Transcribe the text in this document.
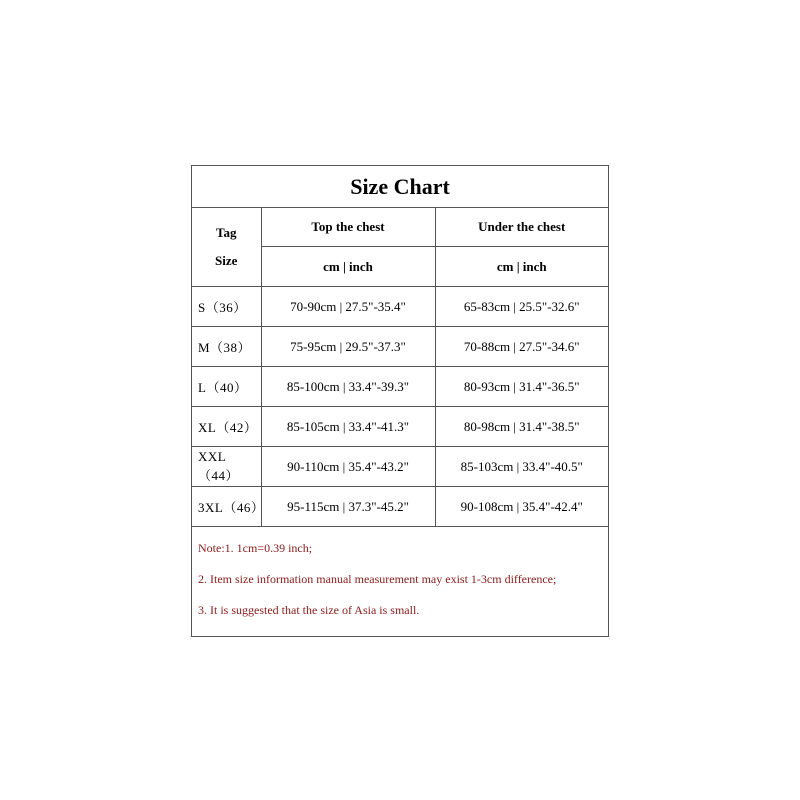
Size Chart
Tag
Size	Top the chest	Under the chest
	cm | inch	cm | inch
S（36）	70-90cm | 27.5"-35.4"	65-83cm | 25.5"-32.6"
M（38）	75-95cm | 29.5"-37.3"	70-88cm | 27.5"-34.6"
L（40）	85-100cm | 33.4"-39.3"	80-93cm | 31.4"-36.5"
XL（42）	85-105cm | 33.4"-41.3"	80-98cm | 31.4"-38.5"
XXL（44）	90-110cm | 35.4"-43.2"	85-103cm | 33.4"-40.5"
3XL（46）	95-115cm | 37.3"-45.2"	90-108cm | 35.4"-42.4"
Note:1. 1cm=0.39 inch;
2. Item size information manual measurement may exist 1-3cm difference;
3. It is suggested that the size of Asia is small.
